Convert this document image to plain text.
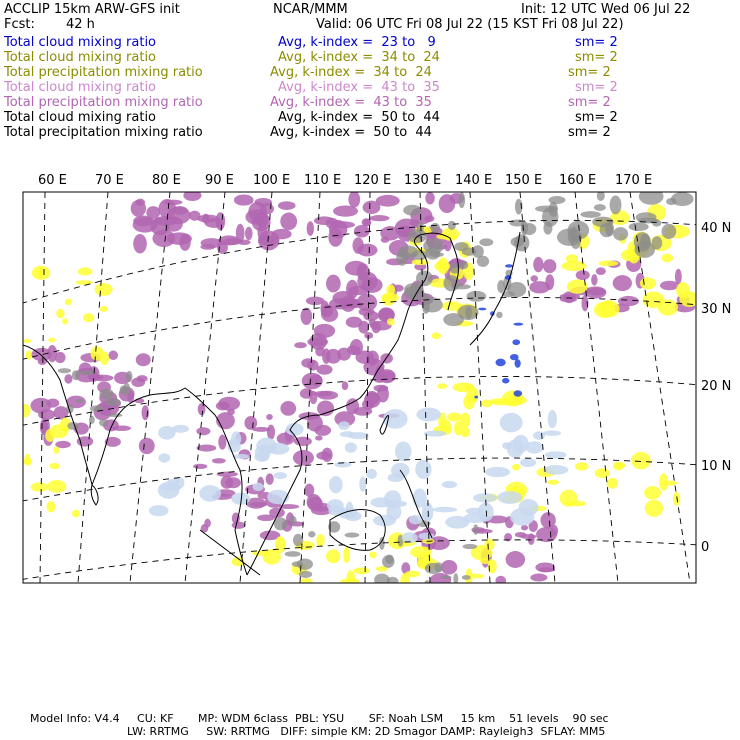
ACCLIP 15km ARW-GFS init	NCAR/MMM	Init: 12 UTC Wed 06 Jul 22
Fcst: 42 h	Valid: 06 UTC Fri 08 Jul 22 (15 KST Fri 08 Jul 22)
Total cloud mixing ratio	Avg, k-index =  23 to   9	sm= 2
Total cloud mixing ratio	Avg, k-index =  34 to  24	sm= 2
Total precipitation mixing ratio	Avg, k-index =  34 to  24	sm= 2
Total cloud mixing ratio	Avg, k-index =  43 to  35	sm= 2
Total precipitation mixing ratio	Avg, k-index =  43 to  35	sm= 2
Total cloud mixing ratio	Avg, k-index =  50 to  44	sm= 2
Total precipitation mixing ratio	Avg, k-index =  50 to  44	sm= 2
60 E 70 E 80 E 90 E 100 E 110 E 120 E 130 E 140 E 150 E 160 E 170 E
40 N
30 N
20 N
10 N
0
Model Info: V4.4     CU: KF       MP: WDM 6class  PBL: YSU       SF: Noah LSM     15 km    51 levels    90 sec
LW: RRTMG     SW: RRTMG   DIFF: simple KM: 2D Smagor DAMP: Rayleigh3  SFLAY: MM5
